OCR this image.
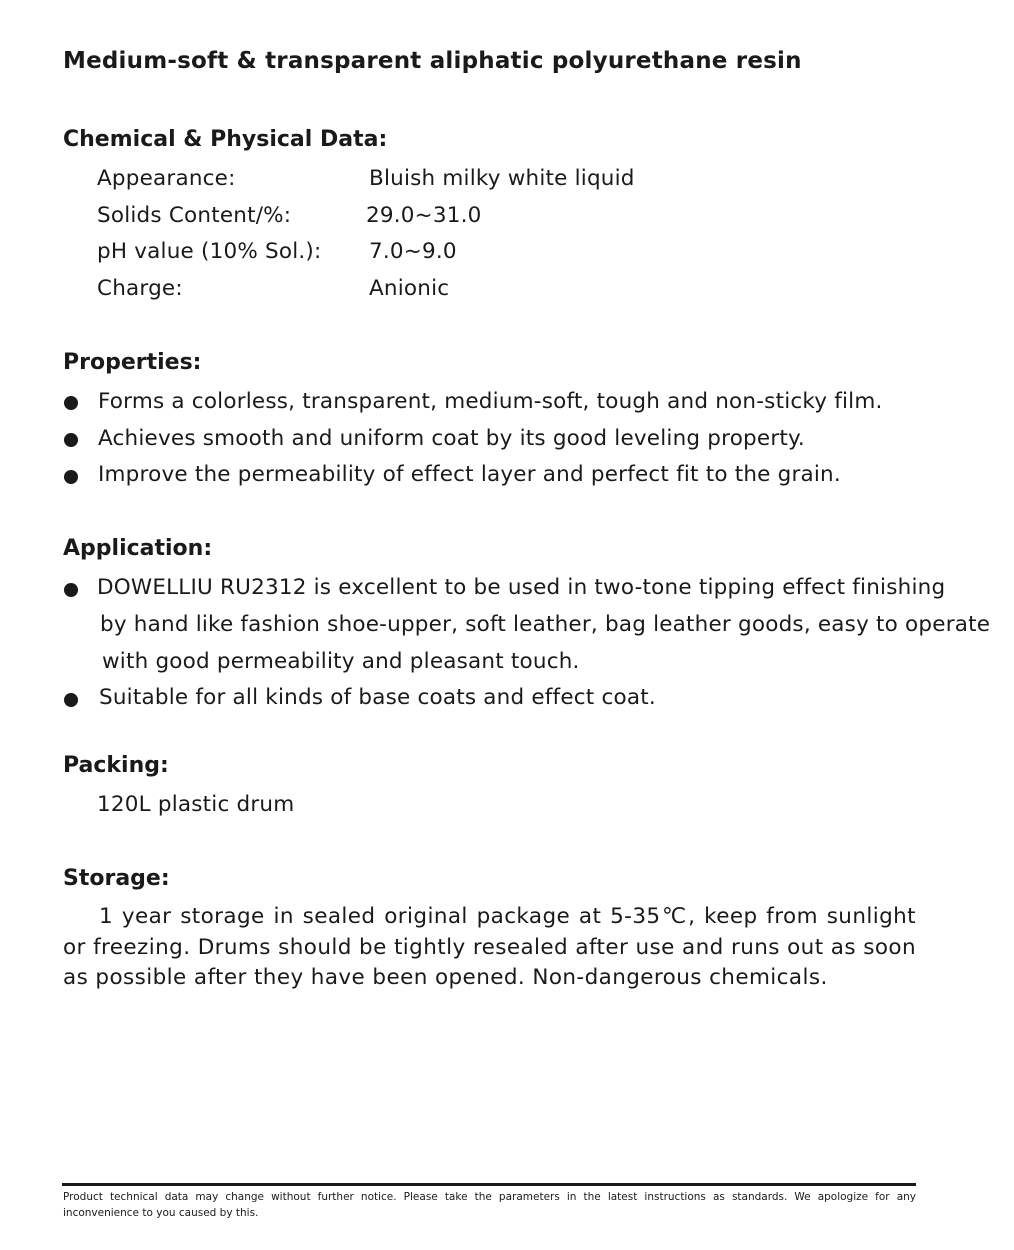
Medium-soft & transparent aliphatic polyurethane resin
Chemical & Physical Data:
Appearance:	Bluish milky white liquid
Solids Content/%:	29.0~31.0
pH value (10% Sol.): 7.0~9.0
Charge:	Anionic
Properties:
Forms a colorless, transparent, medium-soft, tough and non-sticky film.
Achieves smooth and uniform coat by its good leveling property.
Improve the permeability of effect layer and perfect fit to the grain.
Application:
DOWELLIU RU2312 is excellent to be used in two-tone tipping effect finishing
by hand like fashion shoe-upper, soft leather, bag leather goods, easy to operate
with good permeability and pleasant touch.
Suitable for all kinds of base coats and effect coat.
Packing:
120L plastic drum
Storage:
1 year storage in sealed original package at 5-35℃, keep from sunlight or freezing. Drums should be tightly resealed after use and runs out as soon as possible after they have been opened. Non-dangerous chemicals.
Product technical data may change without further notice. Please take the parameters in the latest instructions as standards. We apologize for any inconvenience to you caused by this.
